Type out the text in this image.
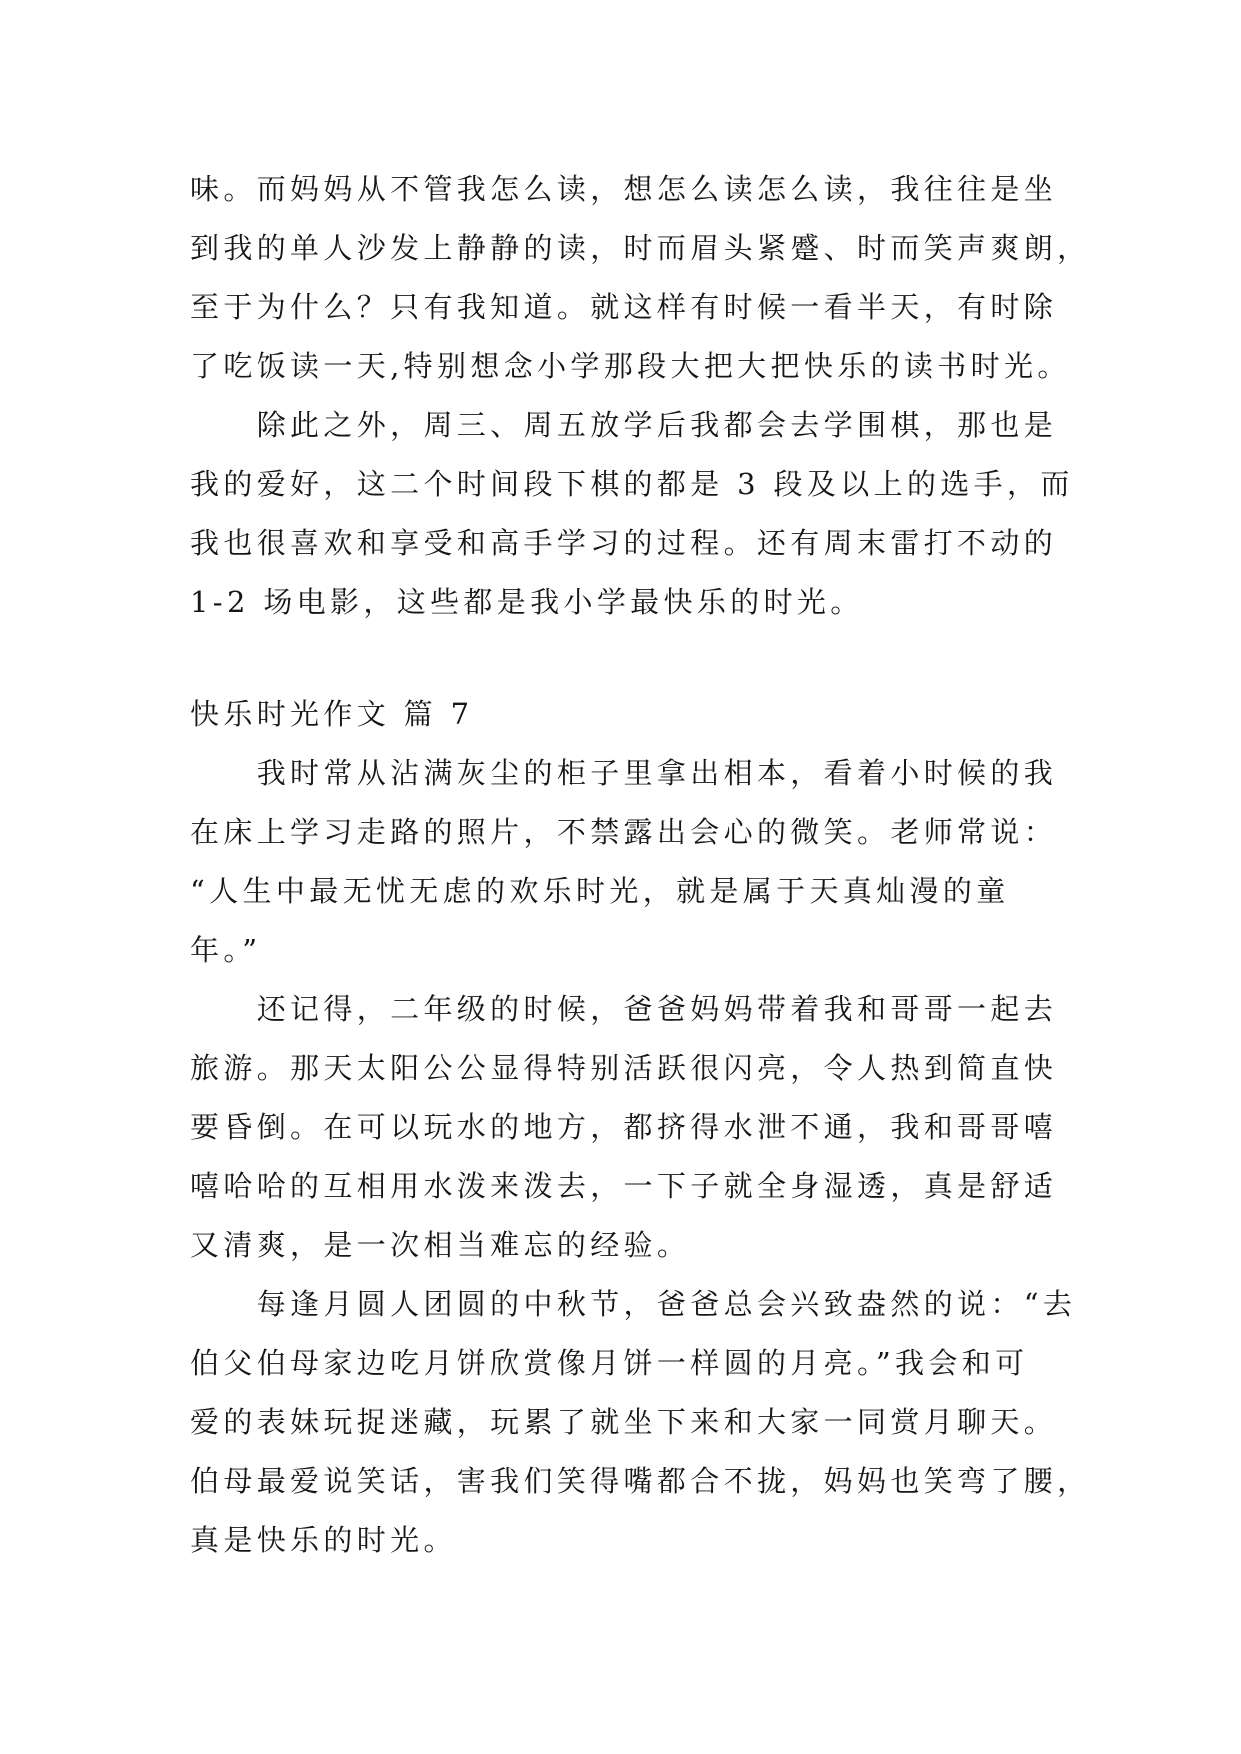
味。而妈妈从不管我怎么读，想怎么读怎么读，我往往是坐
到我的单人沙发上静静的读，时而眉头紧蹙、时而笑声爽朗，
至于为什么？只有我知道。就这样有时候一看半天，有时除
了吃饭读一天,特别想念小学那段大把大把快乐的读书时光。
除此之外，周三、周五放学后我都会去学围棋，那也是
我的爱好，这二个时间段下棋的都是 3 段及以上的选手，而
我也很喜欢和享受和高手学习的过程。还有周末雷打不动的
1-2 场电影，这些都是我小学最快乐的时光。
快乐时光作文 篇 7
我时常从沾满灰尘的柜子里拿出相本，看着小时候的我
在床上学习走路的照片，不禁露出会心的微笑。老师常说：
“人生中最无忧无虑的欢乐时光，就是属于天真灿漫的童
年。”
还记得，二年级的时候，爸爸妈妈带着我和哥哥一起去
旅游。那天太阳公公显得特别活跃很闪亮，令人热到简直快
要昏倒。在可以玩水的地方，都挤得水泄不通，我和哥哥嘻
嘻哈哈的互相用水泼来泼去，一下子就全身湿透，真是舒适
又清爽，是一次相当难忘的经验。
每逢月圆人团圆的中秋节，爸爸总会兴致盎然的说：“去
伯父伯母家边吃月饼欣赏像月饼一样圆的月亮。”我会和可
爱的表妹玩捉迷藏，玩累了就坐下来和大家一同赏月聊天。
伯母最爱说笑话，害我们笑得嘴都合不拢，妈妈也笑弯了腰，
真是快乐的时光。
